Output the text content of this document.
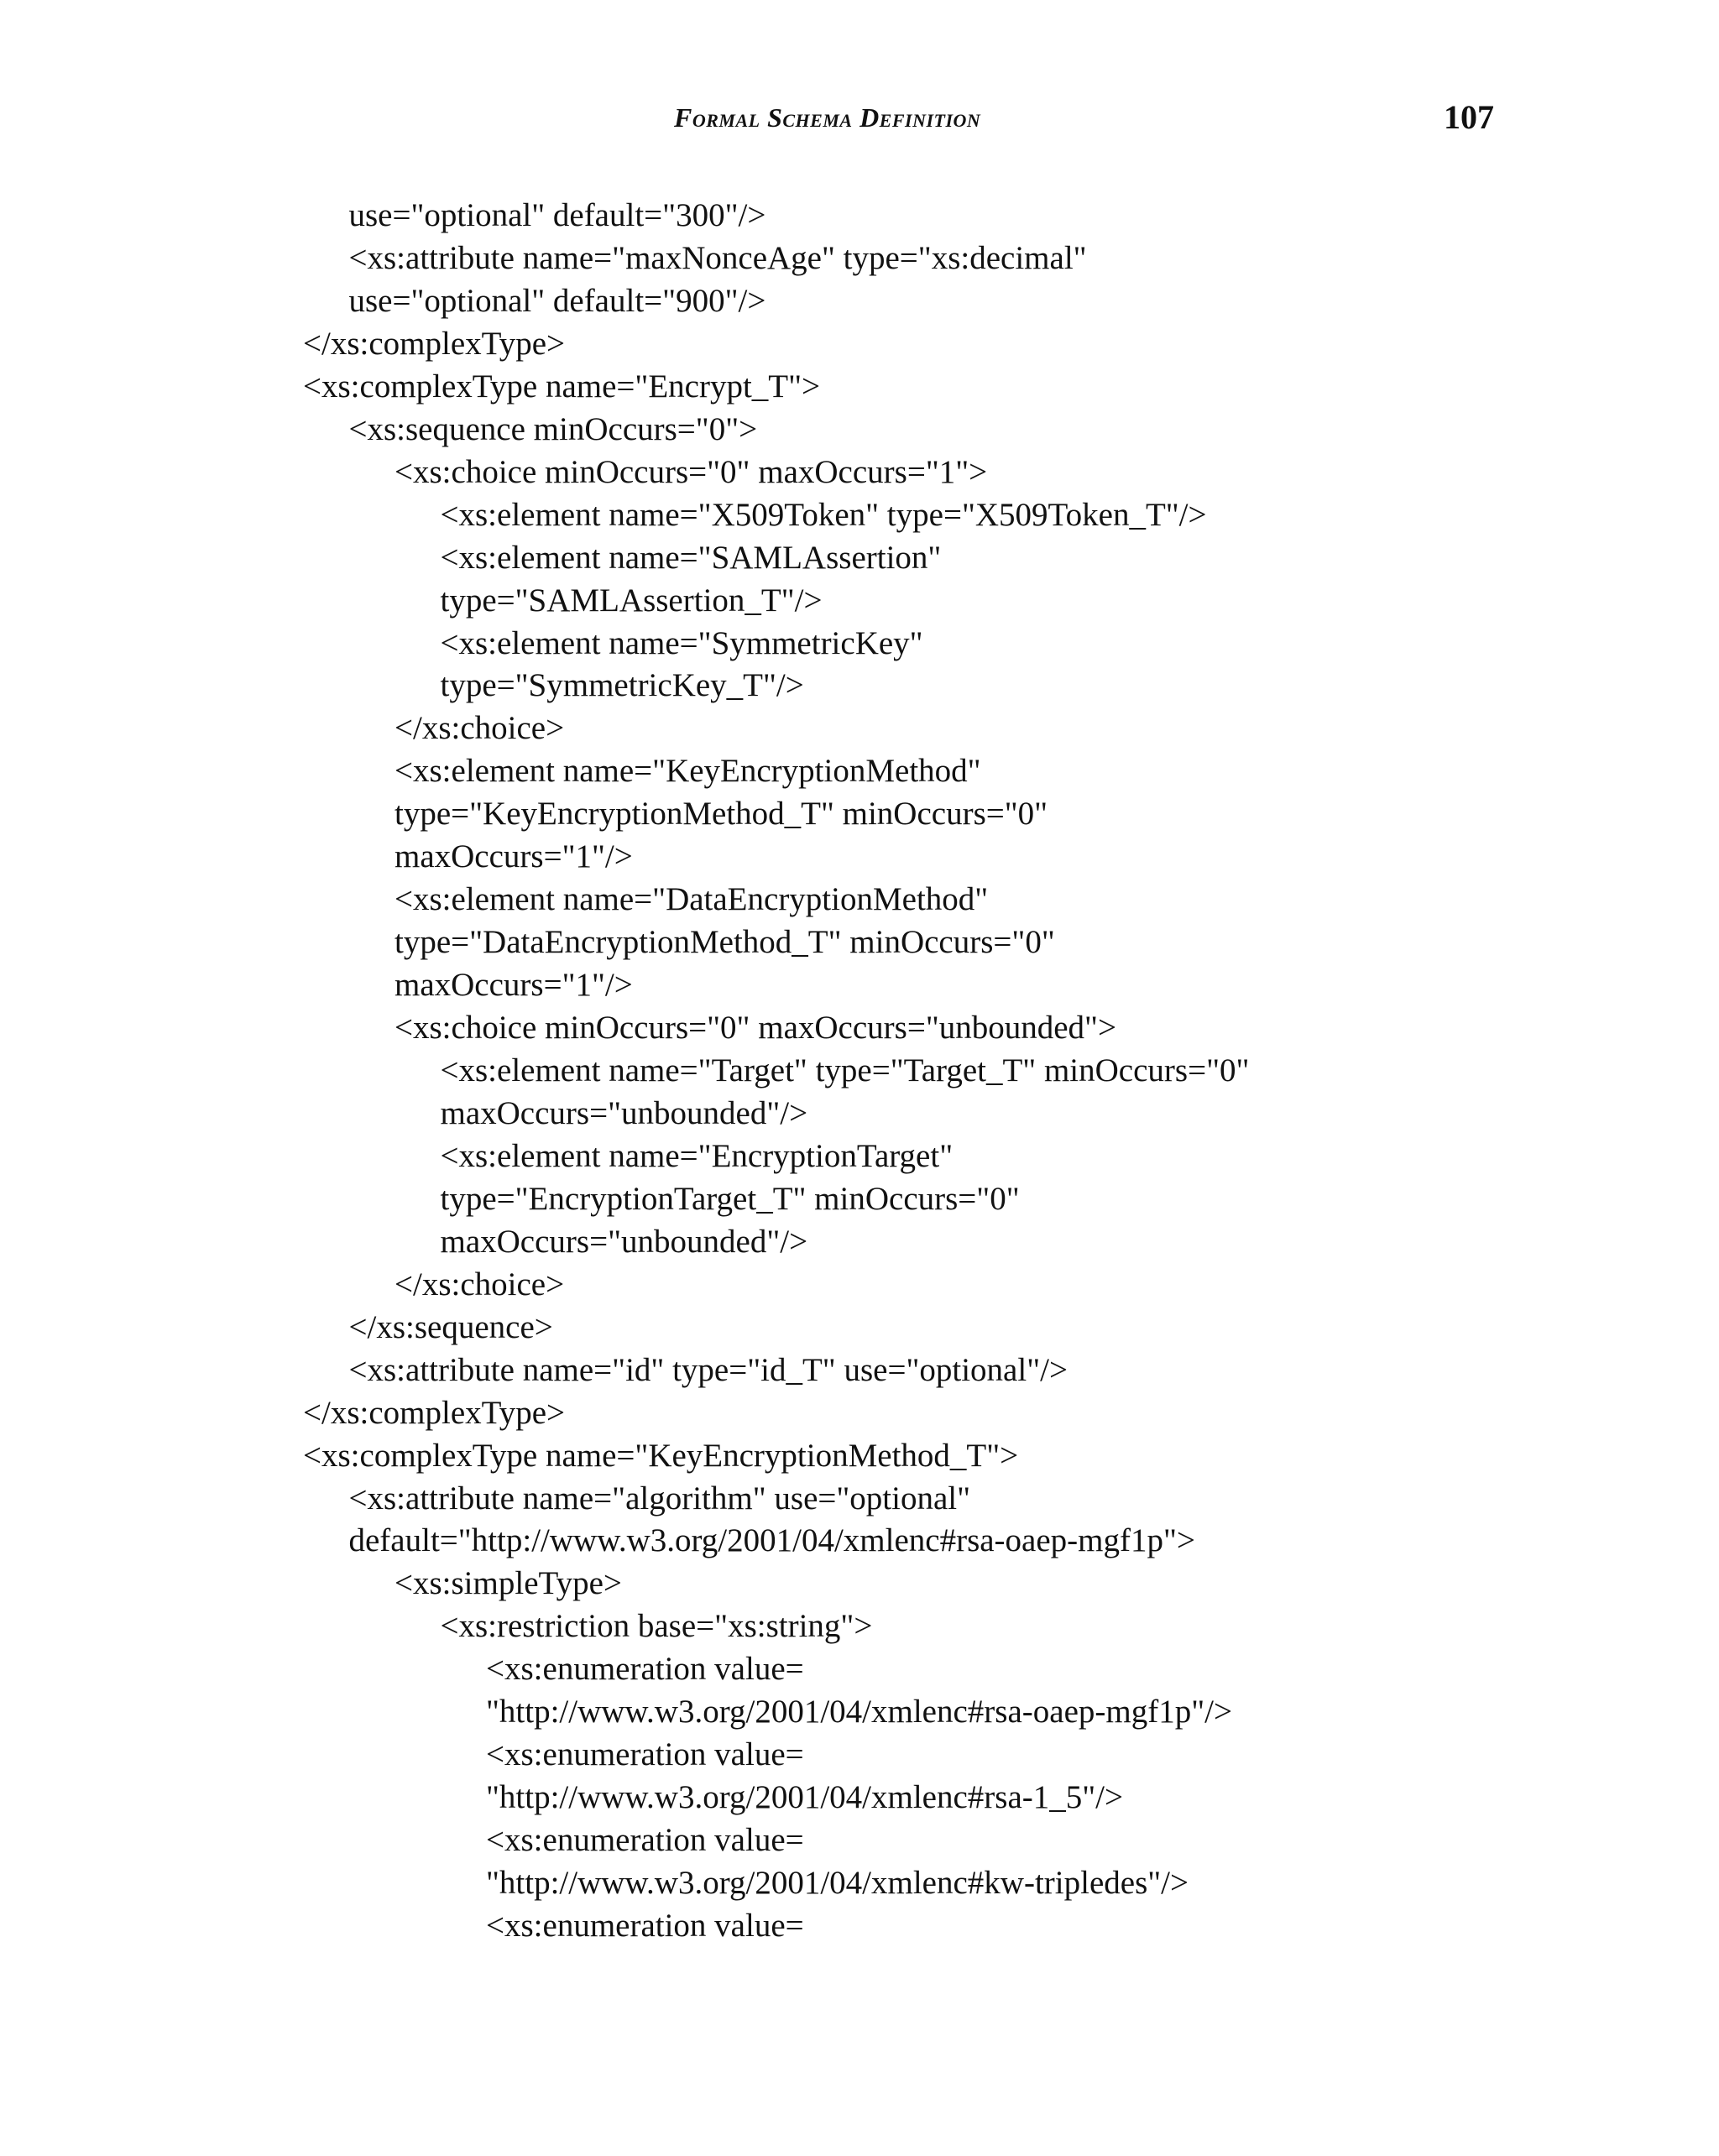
Formal Schema Definition	107
use="optional" default="300"/>
<xs:attribute name="maxNonceAge" type="xs:decimal"
use="optional" default="900"/>
</xs:complexType>
<xs:complexType name="Encrypt_T">
<xs:sequence minOccurs="0">
<xs:choice minOccurs="0" maxOccurs="1">
<xs:element name="X509Token" type="X509Token_T"/>
<xs:element name="SAMLAssertion"
type="SAMLAssertion_T"/>
<xs:element name="SymmetricKey"
type="SymmetricKey_T"/>
</xs:choice>
<xs:element name="KeyEncryptionMethod"
type="KeyEncryptionMethod_T" minOccurs="0"
maxOccurs="1"/>
<xs:element name="DataEncryptionMethod"
type="DataEncryptionMethod_T" minOccurs="0"
maxOccurs="1"/>
<xs:choice minOccurs="0" maxOccurs="unbounded">
<xs:element name="Target" type="Target_T" minOccurs="0"
maxOccurs="unbounded"/>
<xs:element name="EncryptionTarget"
type="EncryptionTarget_T" minOccurs="0"
maxOccurs="unbounded"/>
</xs:choice>
</xs:sequence>
<xs:attribute name="id" type="id_T" use="optional"/>
</xs:complexType>
<xs:complexType name="KeyEncryptionMethod_T">
<xs:attribute name="algorithm" use="optional"
default="http://www.w3.org/2001/04/xmlenc#rsa-oaep-mgf1p">
<xs:simpleType>
<xs:restriction base="xs:string">
<xs:enumeration value=
"http://www.w3.org/2001/04/xmlenc#rsa-oaep-mgf1p"/>
<xs:enumeration value=
"http://www.w3.org/2001/04/xmlenc#rsa-1_5"/>
<xs:enumeration value=
"http://www.w3.org/2001/04/xmlenc#kw-tripledes"/>
<xs:enumeration value=
